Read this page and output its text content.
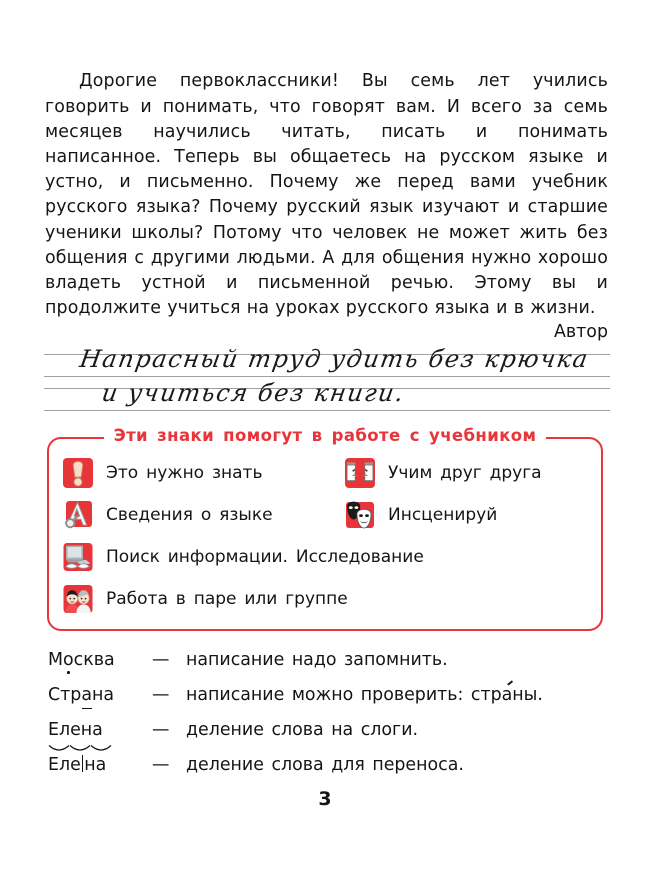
Дорогие первоклассники! Вы семь лет учились говорить и понимать, что говорят вам. И всего за семь месяцев научились читать, писать и понимать написанное. Теперь вы общаетесь на русском языке и устно, и письменно. Почему же перед вами учебник русского языка? Почему русский язык изучают и старшие ученики школы? Потому что человек не может жить без общения с другими людьми. А для общения нужно хорошо владеть устной и письменной речью. Этому вы и продолжите учиться на уроках русского языка и в жизни.

Автор
Напрасный труд удить без крючка
и учиться без книги.
Эти знаки помогут в работе с учебником
Это нужно знать	Учим друг друга
Сведения о языке	Инсценируй
Поиск информации. Исследование
Работа в паре или группе
Москва	— написание надо запомнить.
Страна	— написание можно проверить: страны.
Елена	— деление слова на слоги.
Еле на	— деление слова для переноса.
3
